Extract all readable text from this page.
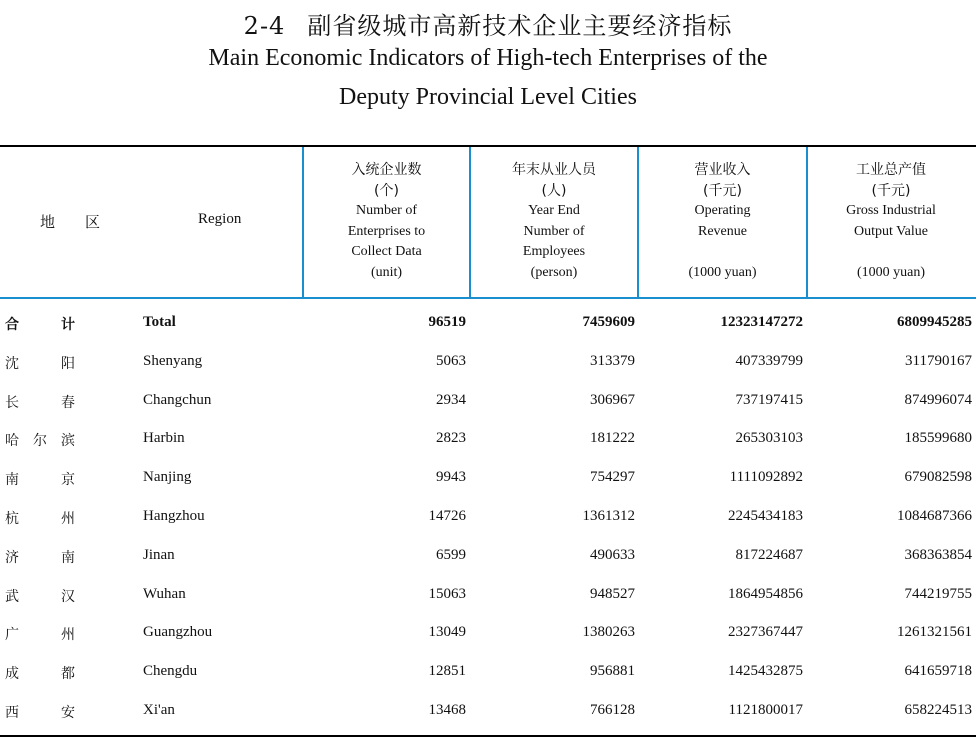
2-4 副省级城市高新技术企业主要经济指标
Main Economic Indicators of High-tech Enterprises of the
Deputy Provincial Level Cities
地区	Region
入统企业数
(个)
Number of
Enterprises to
Collect Data
(unit)
年末从业人员
(人)
Year End
Number of
Employees
(person)
营业收入
(千元)
Operating
Revenue

(1000 yuan)
工业总产值
(千元)
Gross Industrial
Output Value

(1000 yuan)
合	计	Total	96519	7459609	12323147272	6809945285
沈	阳	Shenyang	5063	313379	407339799	311790167
长	春	Changchun	2934	306967	737197415	874996074
哈 尔 滨	Harbin	2823	181222	265303103	185599680
南	京	Nanjing	9943	754297	1111092892	679082598
杭	州	Hangzhou	14726	1361312	2245434183	1084687366
济	南	Jinan	6599	490633	817224687	368363854
武	汉	Wuhan	15063	948527	1864954856	744219755
广	州	Guangzhou	13049	1380263	2327367447	1261321561
成	都	Chengdu	12851	956881	1425432875	641659718
西	安	Xi'an	13468	766128	1121800017	658224513
